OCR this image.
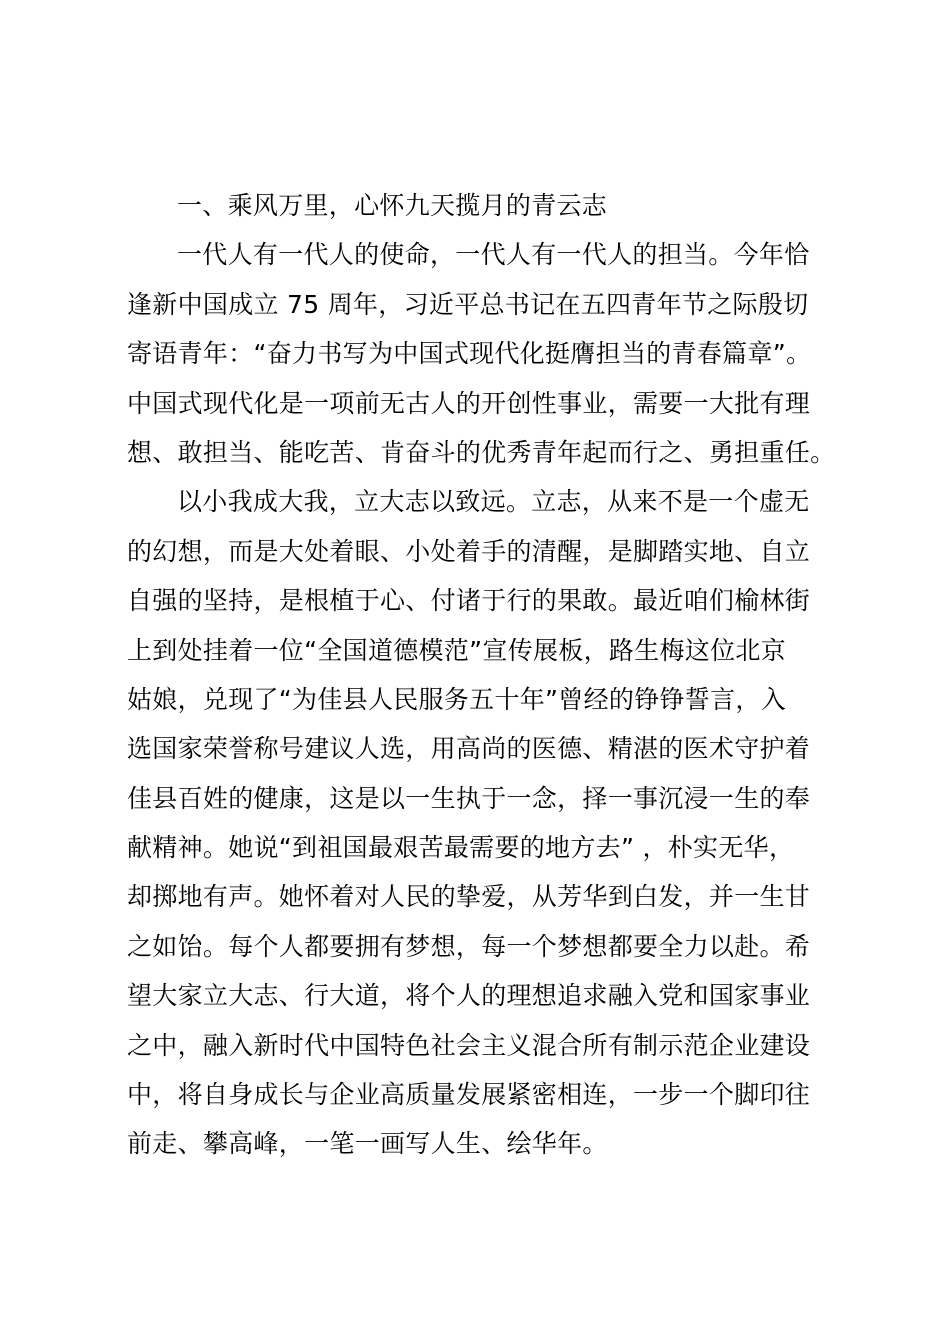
一、乘风万里，心怀九天揽月的青云志
一代人有一代人的使命，一代人有一代人的担当。今年恰
逢新中国成立 75 周年，习近平总书记在五四青年节之际殷切
寄语青年：“奋力书写为中国式现代化挺膺担当的青春篇章”。
中国式现代化是一项前无古人的开创性事业，需要一大批有理
想、敢担当、能吃苦、肯奋斗的优秀青年起而行之、勇担重任。
以小我成大我，立大志以致远。立志，从来不是一个虚无
的幻想，而是大处着眼、小处着手的清醒，是脚踏实地、自立
自强的坚持，是根植于心、付诸于行的果敢。最近咱们榆林街
上到处挂着一位“全国道德模范”宣传展板，路生梅这位北京
姑娘，兑现了“为佳县人民服务五十年”曾经的铮铮誓言，入
选国家荣誉称号建议人选，用高尚的医德、精湛的医术守护着
佳县百姓的健康，这是以一生执于一念，择一事沉浸一生的奉
献精神。她说“到祖国最艰苦最需要的地方去” ，朴实无华，
却掷地有声。她怀着对人民的挚爱，从芳华到白发，并一生甘
之如饴。每个人都要拥有梦想，每一个梦想都要全力以赴。希
望大家立大志、行大道，将个人的理想追求融入党和国家事业
之中，融入新时代中国特色社会主义混合所有制示范企业建设
中，将自身成长与企业高质量发展紧密相连，一步一个脚印往
前走、攀高峰，一笔一画写人生、绘华年。
